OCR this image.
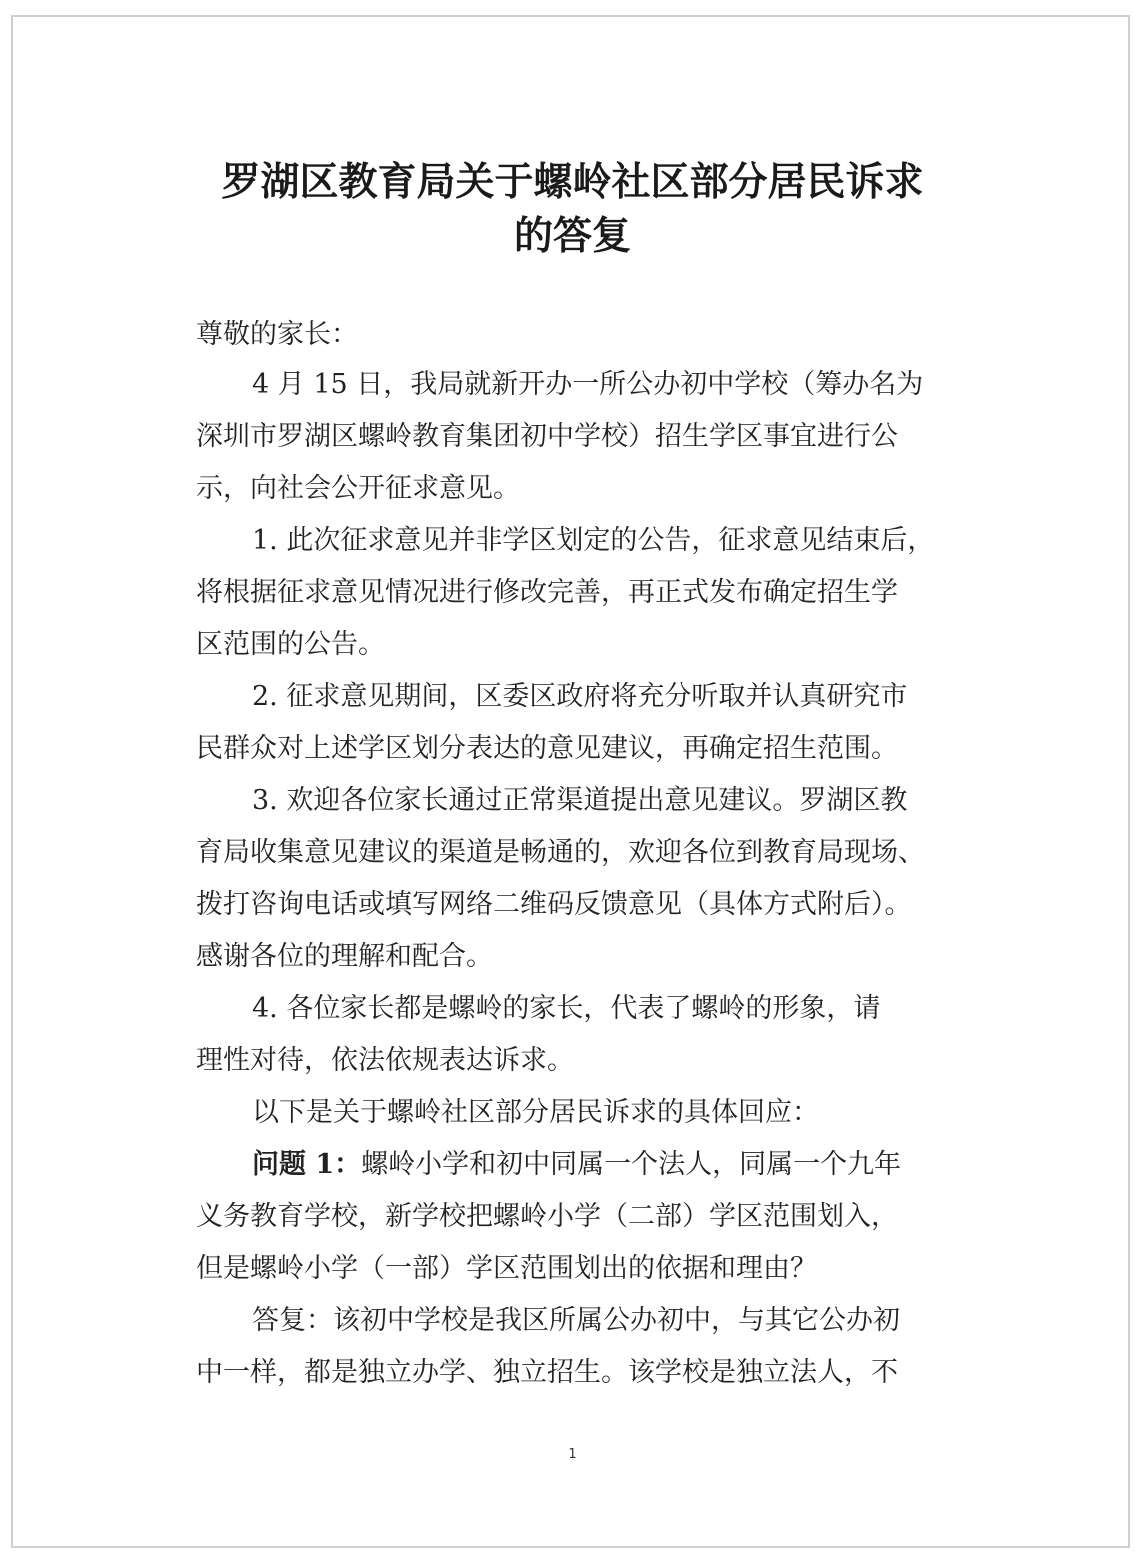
罗湖区教育局关于螺岭社区部分居民诉求
的答复
尊敬的家长：
4 月 15 日，我局就新开办一所公办初中学校（筹办名为
深圳市罗湖区螺岭教育集团初中学校）招生学区事宜进行公
示，向社会公开征求意见。
1. 此次征求意见并非学区划定的公告，征求意见结束后，
将根据征求意见情况进行修改完善，再正式发布确定招生学
区范围的公告。
2. 征求意见期间，区委区政府将充分听取并认真研究市
民群众对上述学区划分表达的意见建议，再确定招生范围。
3. 欢迎各位家长通过正常渠道提出意见建议。罗湖区教
育局收集意见建议的渠道是畅通的，欢迎各位到教育局现场、
拨打咨询电话或填写网络二维码反馈意见（具体方式附后）。
感谢各位的理解和配合。
4. 各位家长都是螺岭的家长，代表了螺岭的形象，请
理性对待，依法依规表达诉求。
以下是关于螺岭社区部分居民诉求的具体回应：
问题 1：螺岭小学和初中同属一个法人，同属一个九年
义务教育学校，新学校把螺岭小学（二部）学区范围划入，
但是螺岭小学（一部）学区范围划出的依据和理由？
答复：该初中学校是我区所属公办初中，与其它公办初
中一样，都是独立办学、独立招生。该学校是独立法人，不
1
